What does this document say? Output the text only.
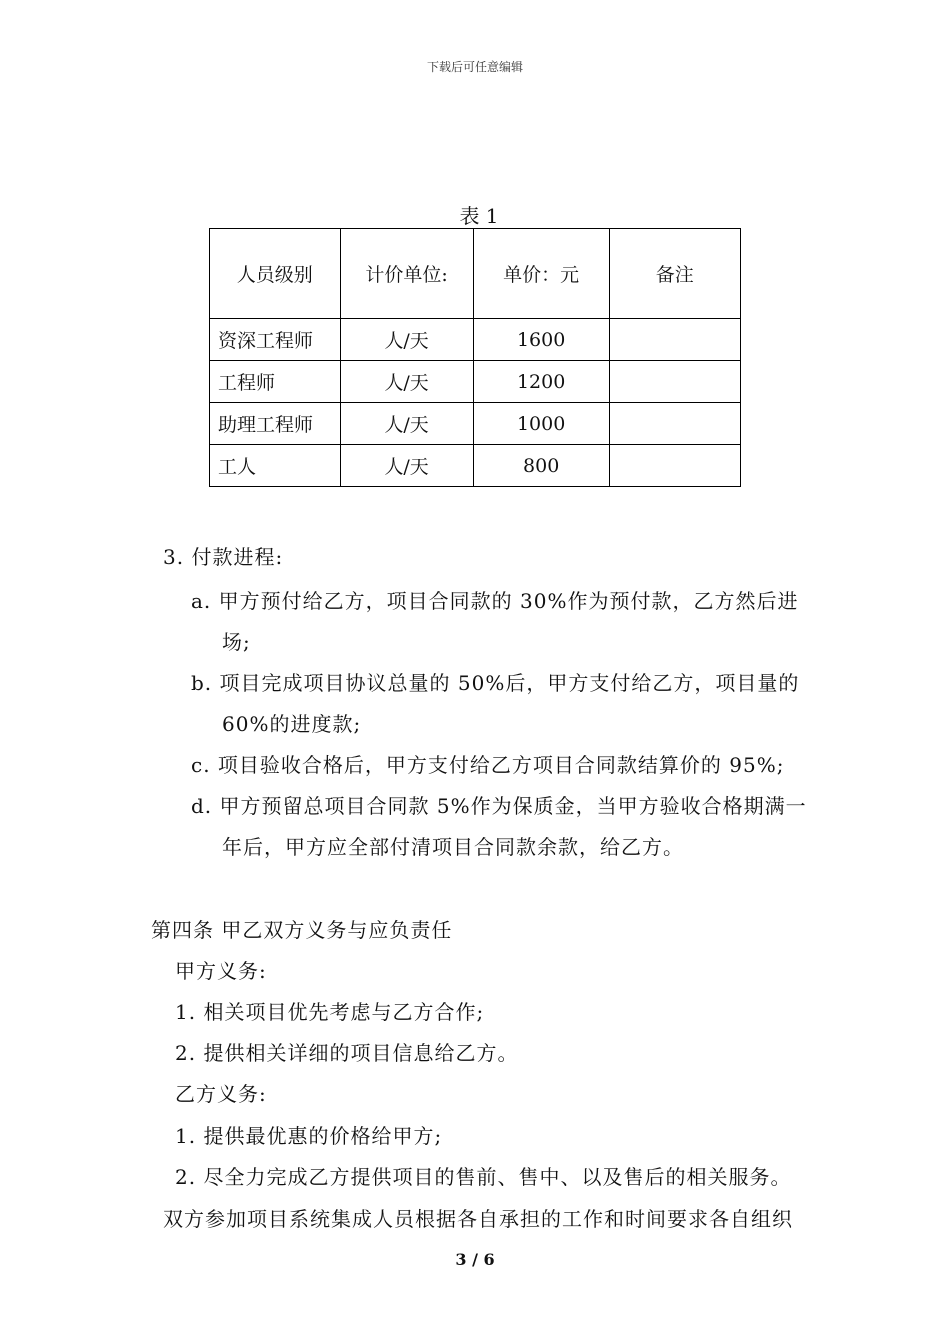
下载后可任意编辑
表 1
人员级别	计价单位:	单价：元	备注
资深工程师	人/天	1600	
工程师	人/天	1200	
助理工程师	人/天	1000	
工人	人/天	800	
3. 付款进程:
a. 甲方预付给乙方，项目合同款的 30%作为预付款，乙方然后进
场;
b. 项目完成项目协议总量的 50%后，甲方支付给乙方，项目量的
60%的进度款;
c. 项目验收合格后，甲方支付给乙方项目合同款结算价的 95%;
d. 甲方预留总项目合同款 5%作为保质金，当甲方验收合格期满一
年后，甲方应全部付清项目合同款余款，给乙方。
第四条 甲乙双方义务与应负责任
甲方义务:
1. 相关项目优先考虑与乙方合作;
2. 提供相关详细的项目信息给乙方。
乙方义务:
1. 提供最优惠的价格给甲方;
2. 尽全力完成乙方提供项目的售前、售中、以及售后的相关服务。
双方参加项目系统集成人员根据各自承担的工作和时间要求各自组织
3 / 6
